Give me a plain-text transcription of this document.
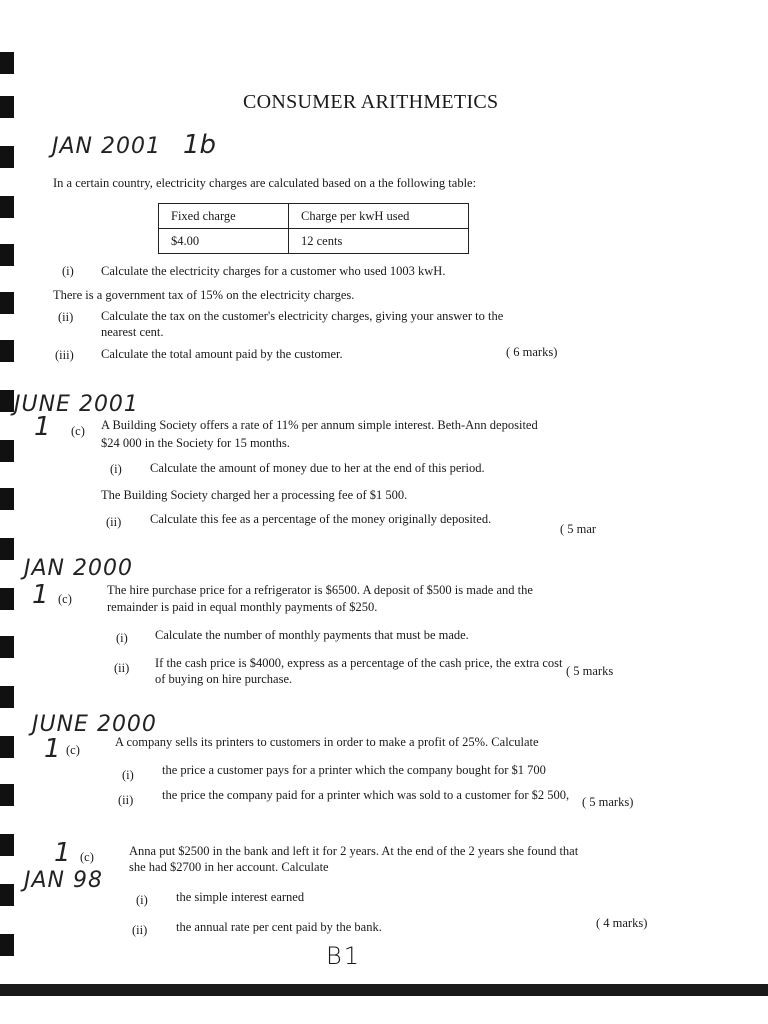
CONSUMER ARITHMETICS
JAN 2001 1b
In a certain country, electricity charges are calculated based on a the following table:
Fixed charge	Charge per kwH used
$4.00	12 cents
(i) Calculate the electricity charges for a customer who used 1003 kwH.
There is a government tax of 15% on the electricity charges.
(ii) Calculate the tax on the customer's electricity charges, giving your answer to the
nearest cent.
(iii) Calculate the total amount paid by the customer.	( 6 marks)
JUNE 2001
1 (c) A Building Society offers a rate of 11% per annum simple interest. Beth-Ann deposited
$24 000 in the Society for 15 months.
(i) Calculate the amount of money due to her at the end of this period.
The Building Society charged her a processing fee of $1 500.
(ii) Calculate this fee as a percentage of the money originally deposited.
( 5 mar
JAN 2000
1 (c)
The hire purchase price for a refrigerator is $6500. A deposit of $500 is made and the
remainder is paid in equal monthly payments of $250.
(i) Calculate the number of monthly payments that must be made.
(ii) If the cash price is $4000, express as a percentage of the cash price, the extra cost
of buying on hire purchase.
( 5 marks
JUNE 2000
1 (c)
A company sells its printers to customers in order to make a profit of 25%. Calculate
(i) the price a customer pays for a printer which the company bought for $1 700
(ii) the price the company paid for a printer which was sold to a customer for $2 500, ( 5 marks)
1 (c)
JAN 98
Anna put $2500 in the bank and left it for 2 years. At the end of the 2 years she found that
she had $2700 in her account. Calculate
(i) the simple interest earned
(ii) the annual rate per cent paid by the bank.	( 4 marks)
B1
